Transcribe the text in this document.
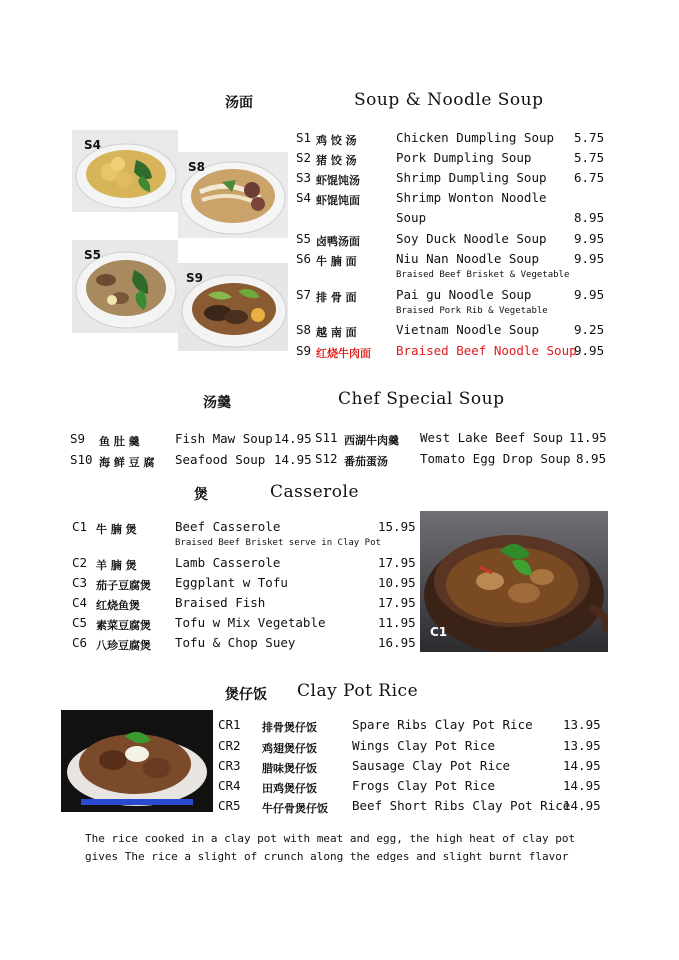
汤面	Soup & Noodle Soup
S4
S8
S5
S9
S1 鸡 饺 汤	Chicken Dumpling Soup 5.75
S2 猪 饺 汤	Pork Dumpling Soup	5.75
S3 虾馄饨汤	Shrimp Dumpling Soup 6.75
S4 虾馄饨面	Shrimp Wonton Noodle
Soup	8.95
S5 卤鸭汤面	Soy Duck Noodle Soup 9.95
S6 牛 腩 面	Niu Nan Noodle Soup
Braised Beef Brisket & Vegetable
9.95
S7 排 骨 面	Pai gu Noodle Soup
Braised Pork Rib & Vegetable
9.95
S8 越 南 面	Vietnam Noodle Soup	9.25
S9 红烧牛肉面 Braised Beef Noodle Soup
9.95
汤羹	Chef Special Soup
S9 鱼 肚 羹	Fish Maw Soup 14.95
S10 海 鲜 豆 腐 Seafood Soup 14.95
S11 西湖牛肉羹 West Lake Beef Soup 11.95
S12 番茄蛋汤	Tomato Egg Drop Soup 8.95
煲	Casserole
C1 牛 腩 煲	Beef Casserole
Braised Beef Brisket serve in Clay Pot
15.95
C2 羊 腩 煲	Lamb Casserole	17.95
C3 茄子豆腐煲 Eggplant w Tofu	10.95
C4 红烧鱼煲	Braised Fish	17.95
C5 素菜豆腐煲 Tofu w Mix Vegetable	11.95
C6 八珍豆腐煲 Tofu & Chop Suey	16.95
C1
煲仔饭 Clay Pot Rice
CR1 排骨煲仔饭	Spare Ribs Clay Pot Rice 13.95
CR2 鸡翅煲仔饭	Wings Clay Pot Rice	13.95
CR3 腊味煲仔饭	Sausage Clay Pot Rice	14.95
CR4 田鸡煲仔饭	Frogs Clay Pot Rice	14.95
CR5 牛仔骨煲仔饭 Beef Short Ribs Clay Pot Rice
14.95
The rice cooked in a clay pot with meat and egg, the high heat of clay pot
gives The rice a slight of crunch along the edges and slight burnt flavor
